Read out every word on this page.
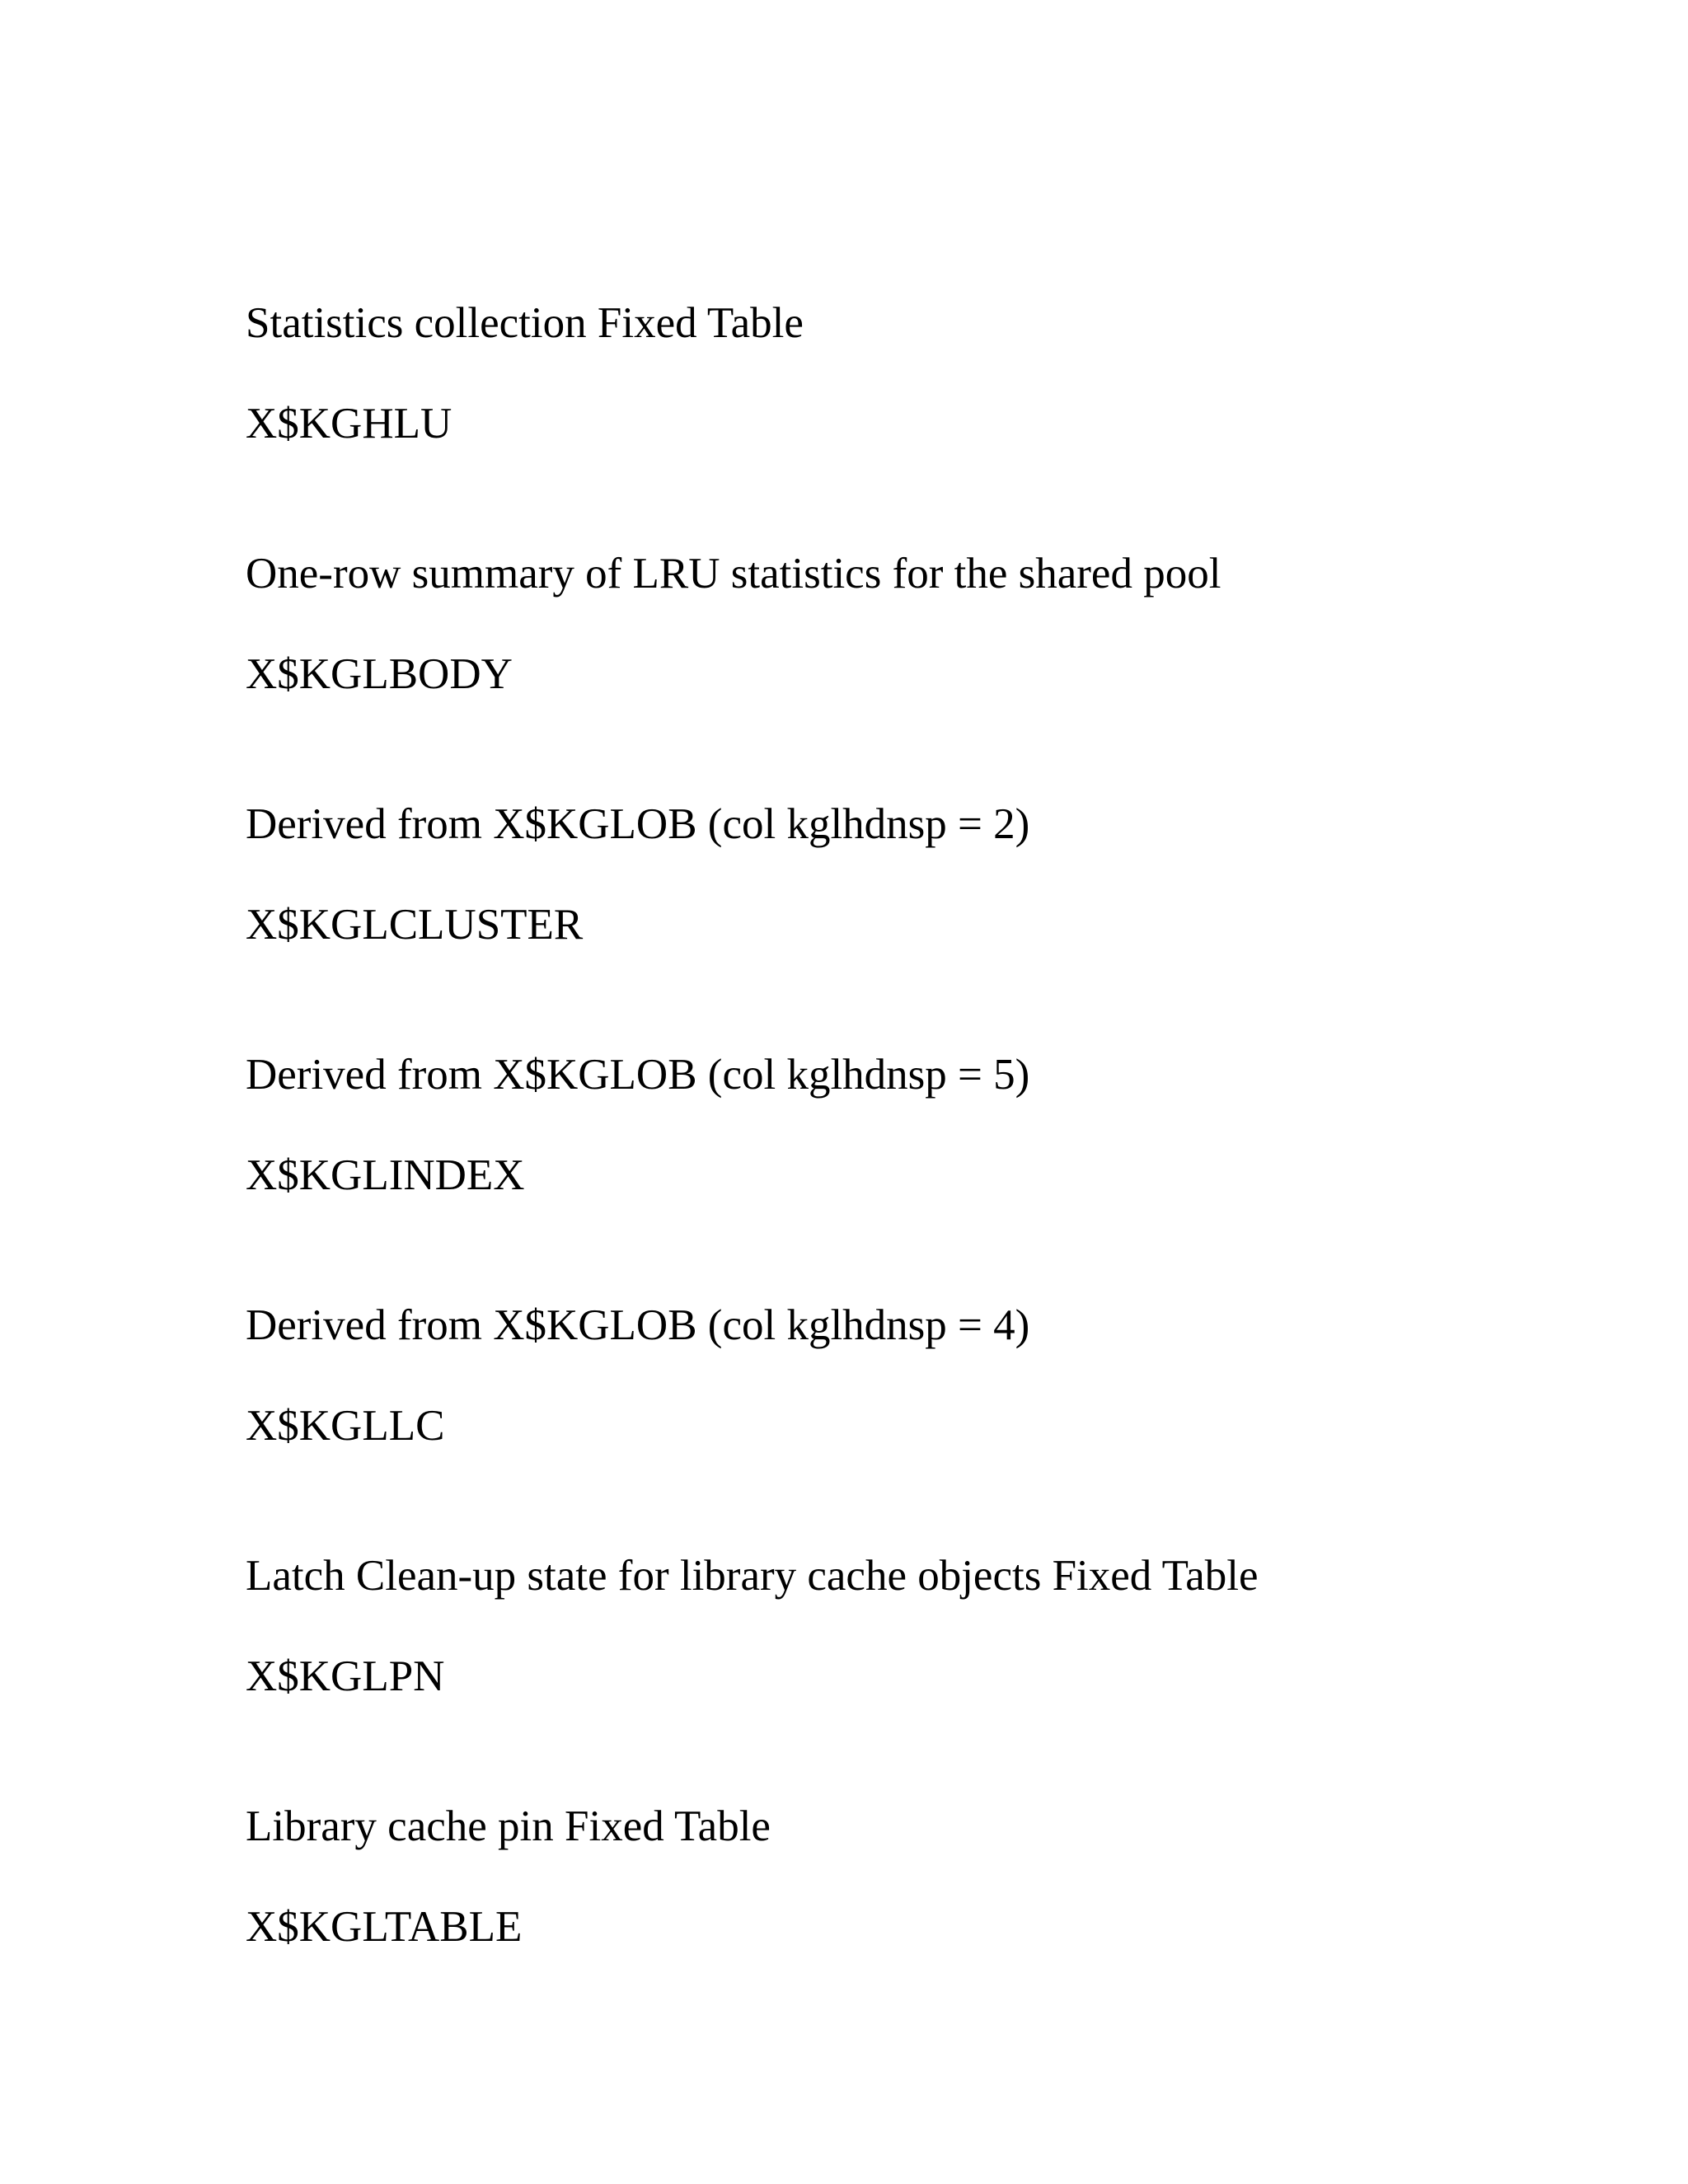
Statistics collection Fixed Table
X$KGHLU
One-row summary of LRU statistics for the shared pool
X$KGLBODY
Derived from X$KGLOB (col kglhdnsp = 2)
X$KGLCLUSTER
Derived from X$KGLOB (col kglhdnsp = 5)
X$KGLINDEX
Derived from X$KGLOB (col kglhdnsp = 4)
X$KGLLC
Latch Clean-up state for library cache objects Fixed Table
X$KGLPN
Library cache pin Fixed Table
X$KGLTABLE
